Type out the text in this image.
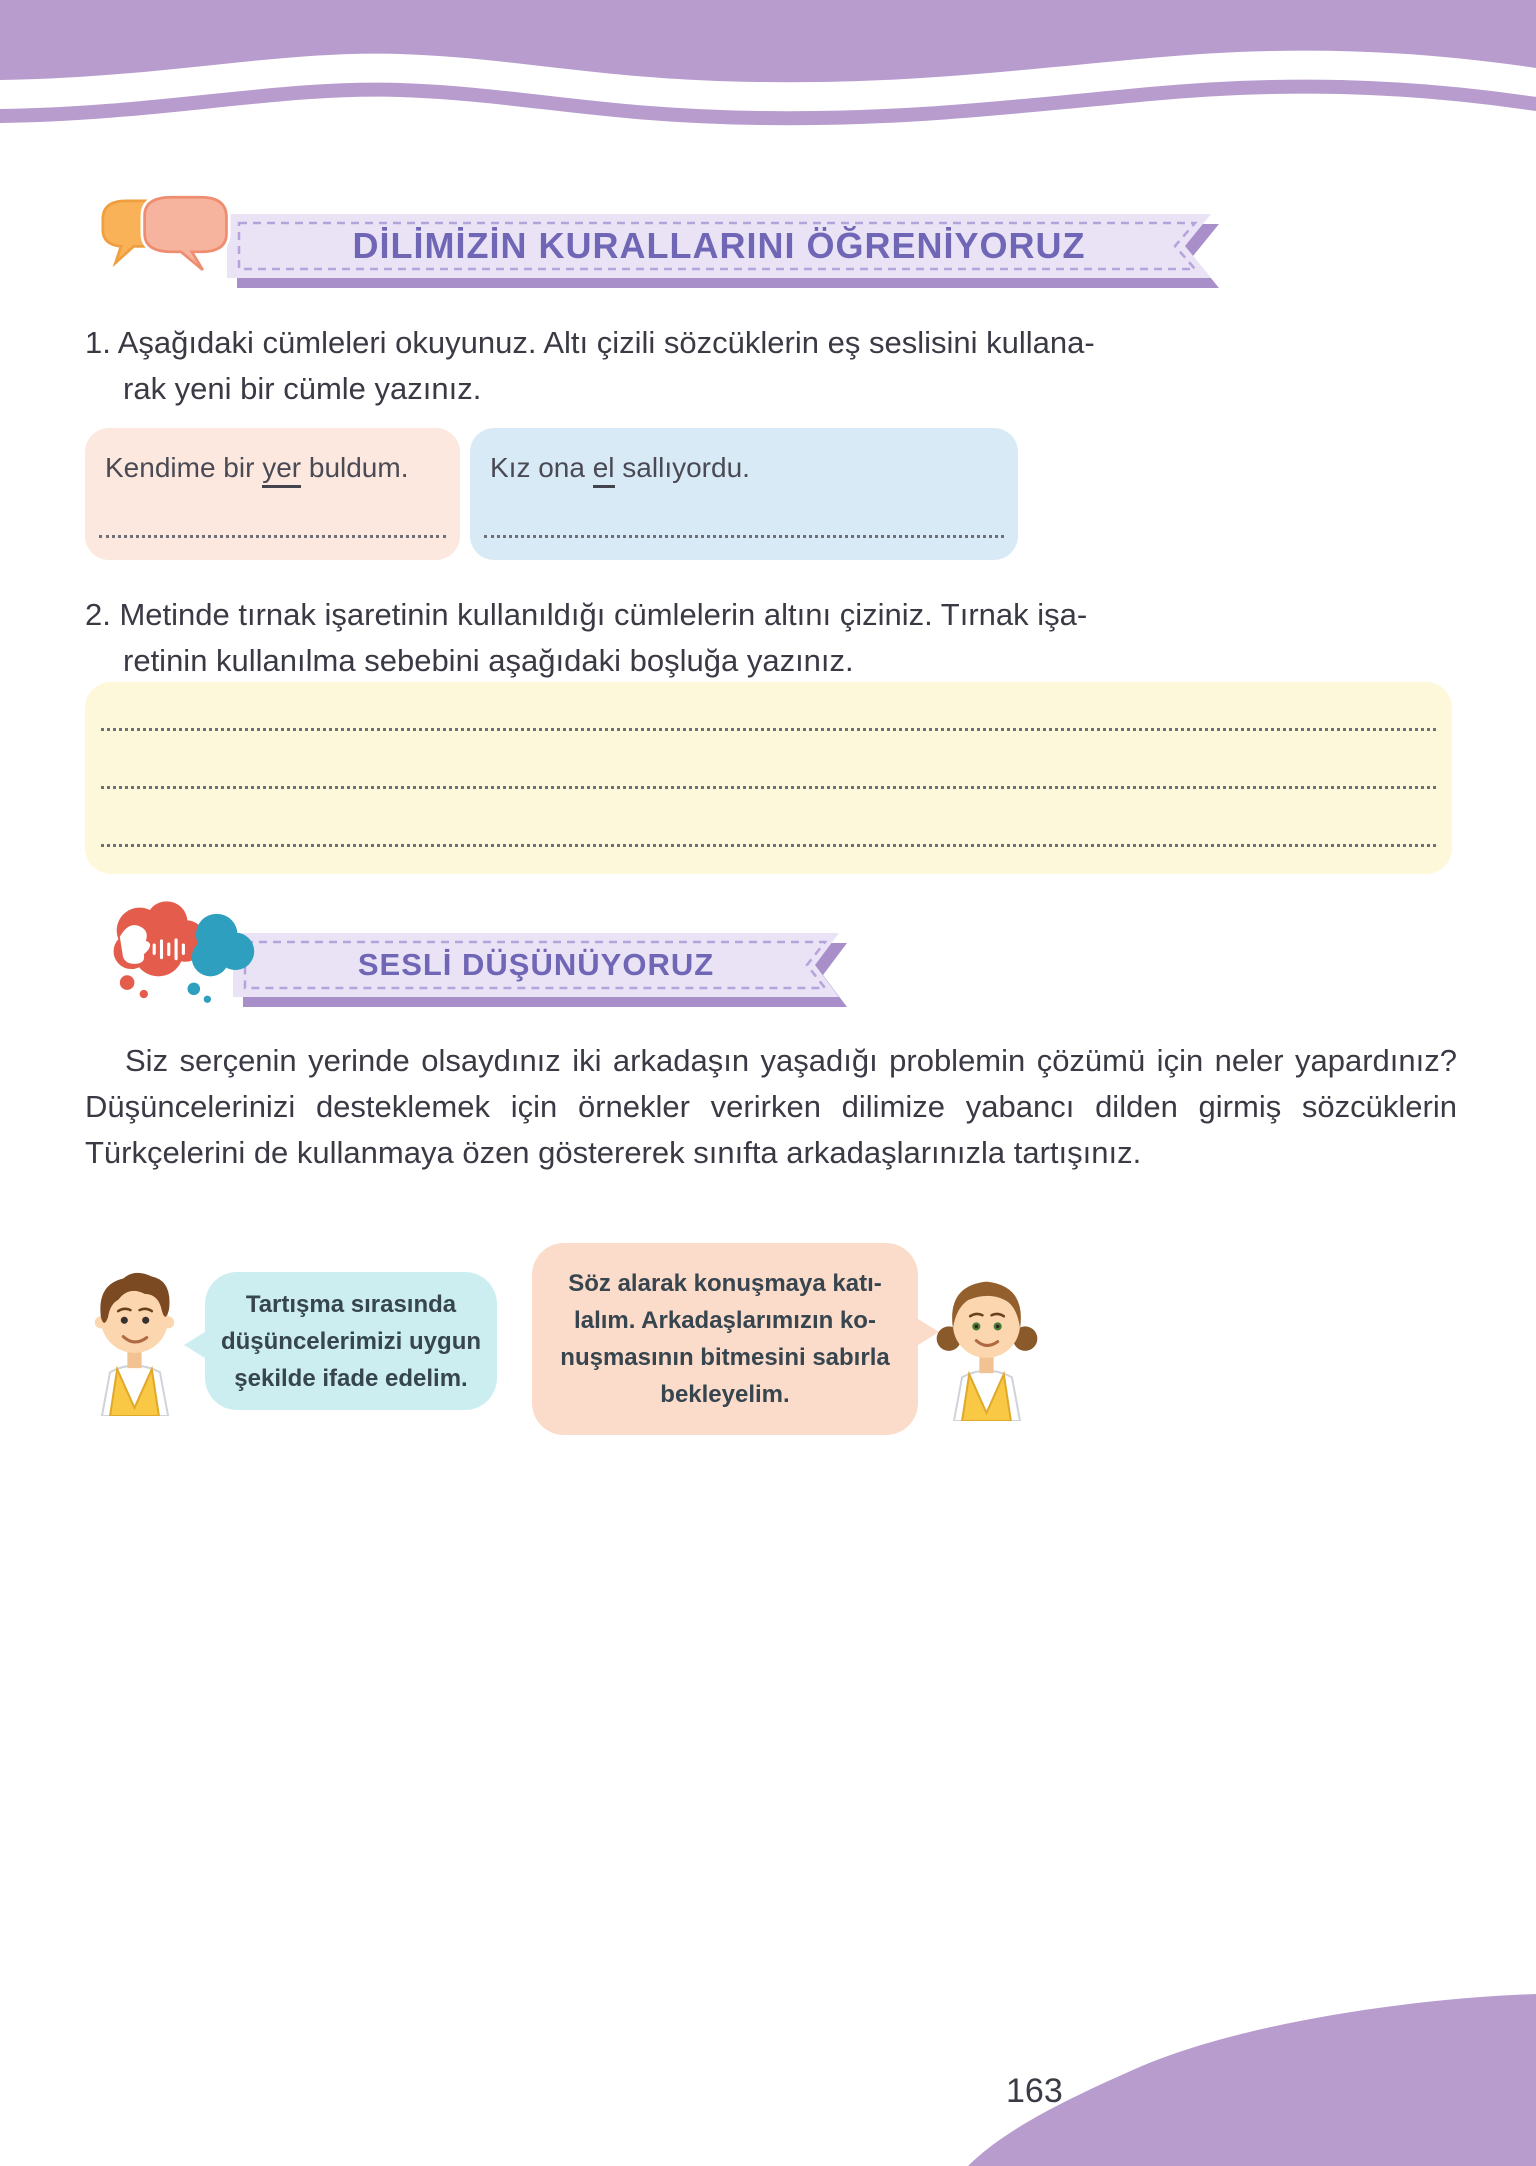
DİLİMİZİN KURALLARINI ÖĞRENİYORUZ
1. Aşağıdaki cümleleri okuyunuz. Altı çizili sözcüklerin eş seslisini kullana-
rak yeni bir cümle yazınız.
Kendime bir yer buldum.	Kız ona el sallıyordu.
2. Metinde tırnak işaretinin kullanıldığı cümlelerin altını çiziniz. Tırnak işa-
retinin kullanılma sebebini aşağıdaki boşluğa yazınız.
SESLİ DÜŞÜNÜYORUZ

Siz serçenin yerinde olsaydınız iki arkadaşın yaşadığı problemin çözümü için neler yapardınız? Düşüncelerinizi desteklemek için örnekler verirken dilimize yabancı dilden girmiş sözcüklerin Türkçelerini de kullanmaya özen göstererek sınıfta arkadaşlarınızla tartışınız.

Tartışma sırasında
düşüncelerimizi uygun
şekilde ifade edelim.
Söz alarak konuşmaya katı-
lalım. Arkadaşlarımızın ko-
nuşmasının bitmesini sabırla
bekleyelim.
163
